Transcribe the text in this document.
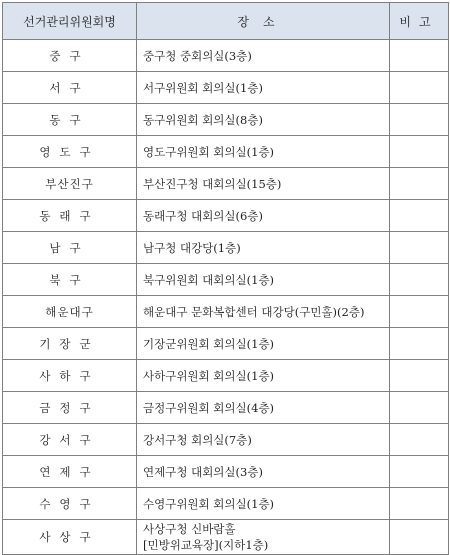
선거관리위원회명	장소	비고
중구	중구청 중회의실(3층)	

서구	서구위원회 회의실(1층)	

동구	동구위원회 회의실(8층)	

영도구	영도구위원회 회의실(1층)	

부산진구	부산진구청 대회의실(15층)	

동래구	동래구청 대회의실(6층)	

남구	남구청 대강당(1층)	

북구	북구위원회 대회의실(1층)	

해운대구	해운대구 문화복합센터 대강당(구민홀)(2층)	

기장군	기장군위원회 회의실(1층)	

사하구	사하구위원회 회의실(1층)	

금정구	금정구위원회 회의실(4층)	

강서구	강서구청 회의실(7층)	

연제구	연제구청 대회의실(3층)	

수영구	수영구위원회 회의실(1층)	

사상구	사상구청 신바람홀
[민방위교육장](지하1층)	
